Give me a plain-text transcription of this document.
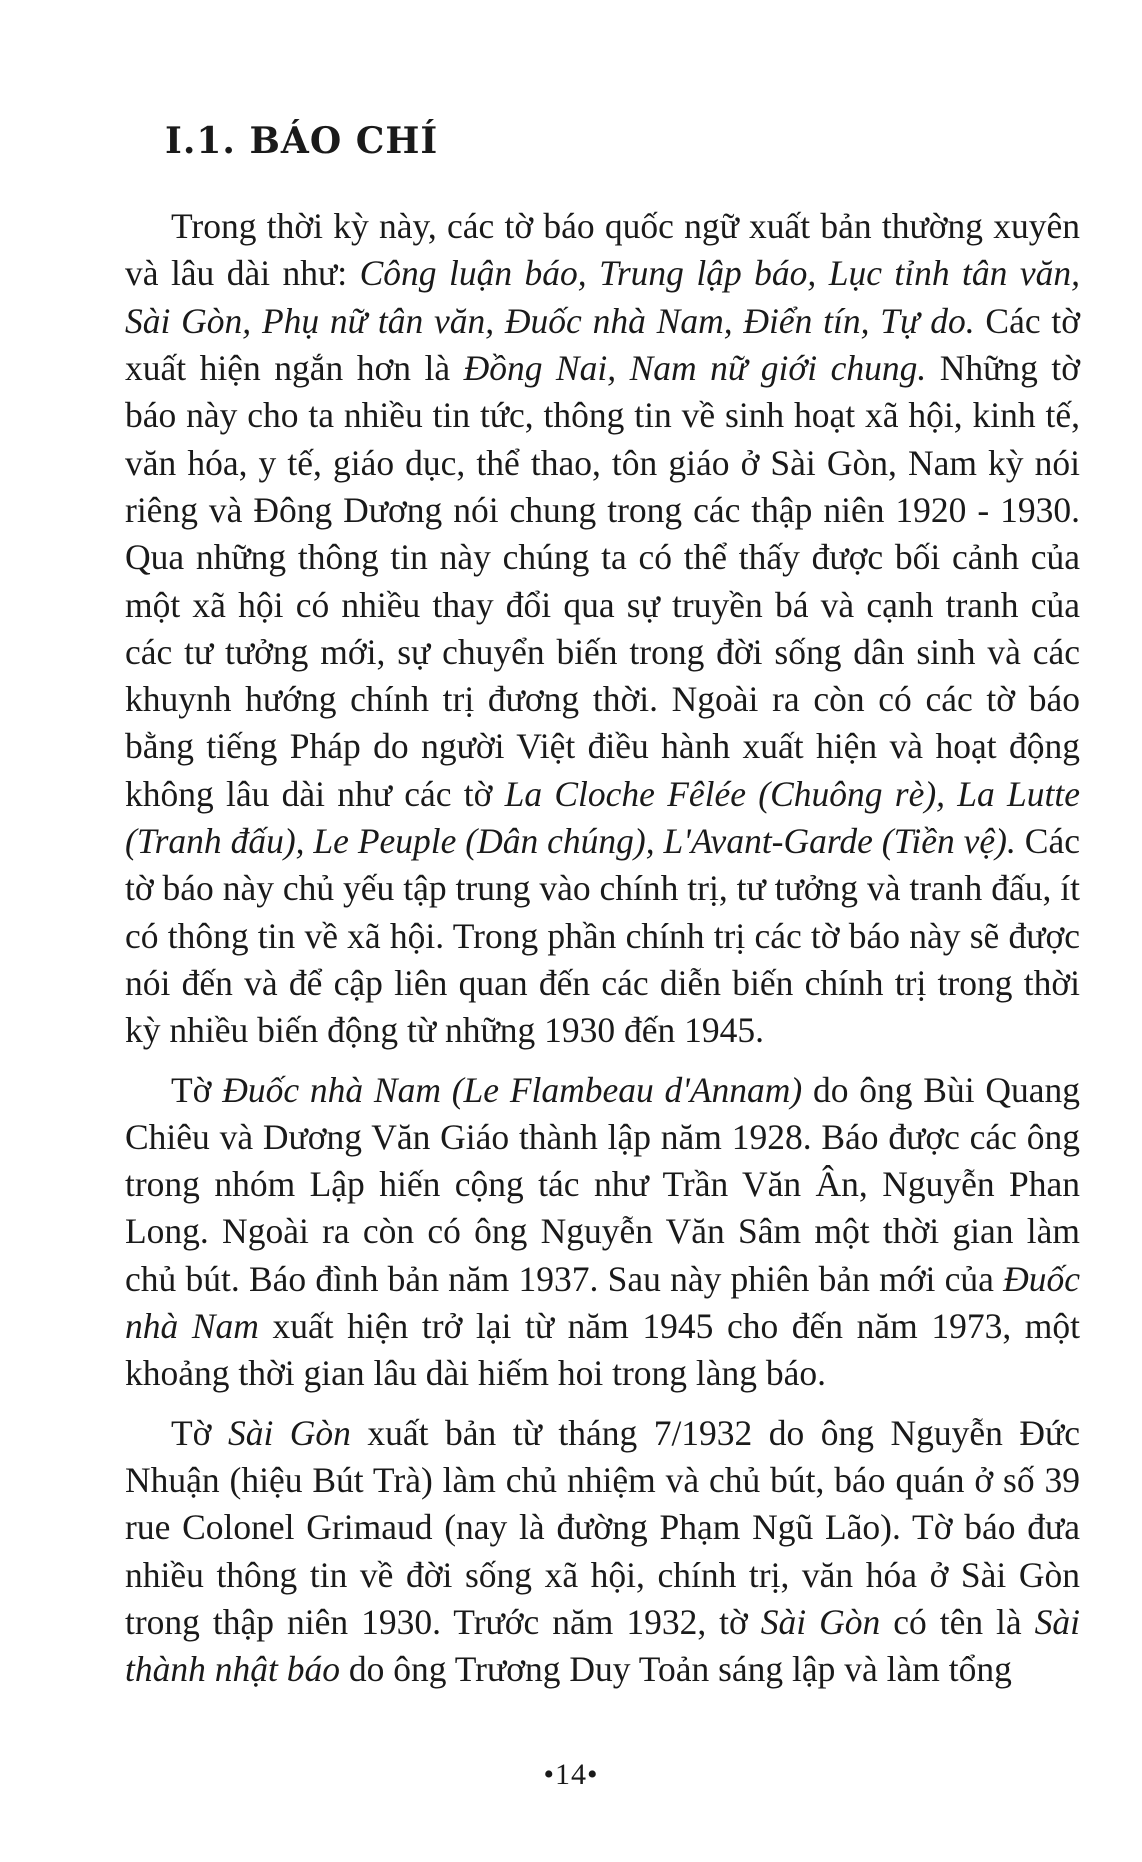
I.1. BÁO CHÍ

Trong thời kỳ này, các tờ báo quốc ngữ xuất bản thường xuyên và lâu dài như: Công luận báo, Trung lập báo, Lục tỉnh tân văn, Sài Gòn, Phụ nữ tân văn, Đuốc nhà Nam, Điển tín, Tự do. Các tờ xuất hiện ngắn hơn là Đồng Nai, Nam nữ giới chung. Những tờ báo này cho ta nhiều tin tức, thông tin về sinh hoạt xã hội, kinh tế, văn hóa, y tế, giáo dục, thể thao, tôn giáo ở Sài Gòn, Nam kỳ nói riêng và Đông Dương nói chung trong các thập niên 1920 - 1930. Qua những thông tin này chúng ta có thể thấy được bối cảnh của một xã hội có nhiều thay đổi qua sự truyền bá và cạnh tranh của các tư tưởng mới, sự chuyển biến trong đời sống dân sinh và các khuynh hướng chính trị đương thời. Ngoài ra còn có các tờ báo bằng tiếng Pháp do người Việt điều hành xuất hiện và hoạt động không lâu dài như các tờ La Cloche Fêlée (Chuông rè), La Lutte (Tranh đấu), Le Peuple (Dân chúng), L'Avant-Garde (Tiền vệ). Các tờ báo này chủ yếu tập trung vào chính trị, tư tưởng và tranh đấu, ít có thông tin về xã hội. Trong phần chính trị các tờ báo này sẽ được nói đến và để cập liên quan đến các diễn biến chính trị trong thời kỳ nhiều biến động từ những 1930 đến 1945.

Tờ Đuốc nhà Nam (Le Flambeau d'Annam) do ông Bùi Quang Chiêu và Dương Văn Giáo thành lập năm 1928. Báo được các ông trong nhóm Lập hiến cộng tác như Trần Văn Ân, Nguyễn Phan Long. Ngoài ra còn có ông Nguyễn Văn Sâm một thời gian làm chủ bút. Báo đình bản năm 1937. Sau này phiên bản mới của Đuốc nhà Nam xuất hiện trở lại từ năm 1945 cho đến năm 1973, một khoảng thời gian lâu dài hiếm hoi trong làng báo.

Tờ Sài Gòn xuất bản từ tháng 7/1932 do ông Nguyễn Đức Nhuận (hiệu Bút Trà) làm chủ nhiệm và chủ bút, báo quán ở số 39 rue Colonel Grimaud (nay là đường Phạm Ngũ Lão). Tờ báo đưa nhiều thông tin về đời sống xã hội, chính trị, văn hóa ở Sài Gòn trong thập niên 1930. Trước năm 1932, tờ Sài Gòn có tên là Sài thành nhật báo do ông Trương Duy Toản sáng lập và làm tổng

•14•
